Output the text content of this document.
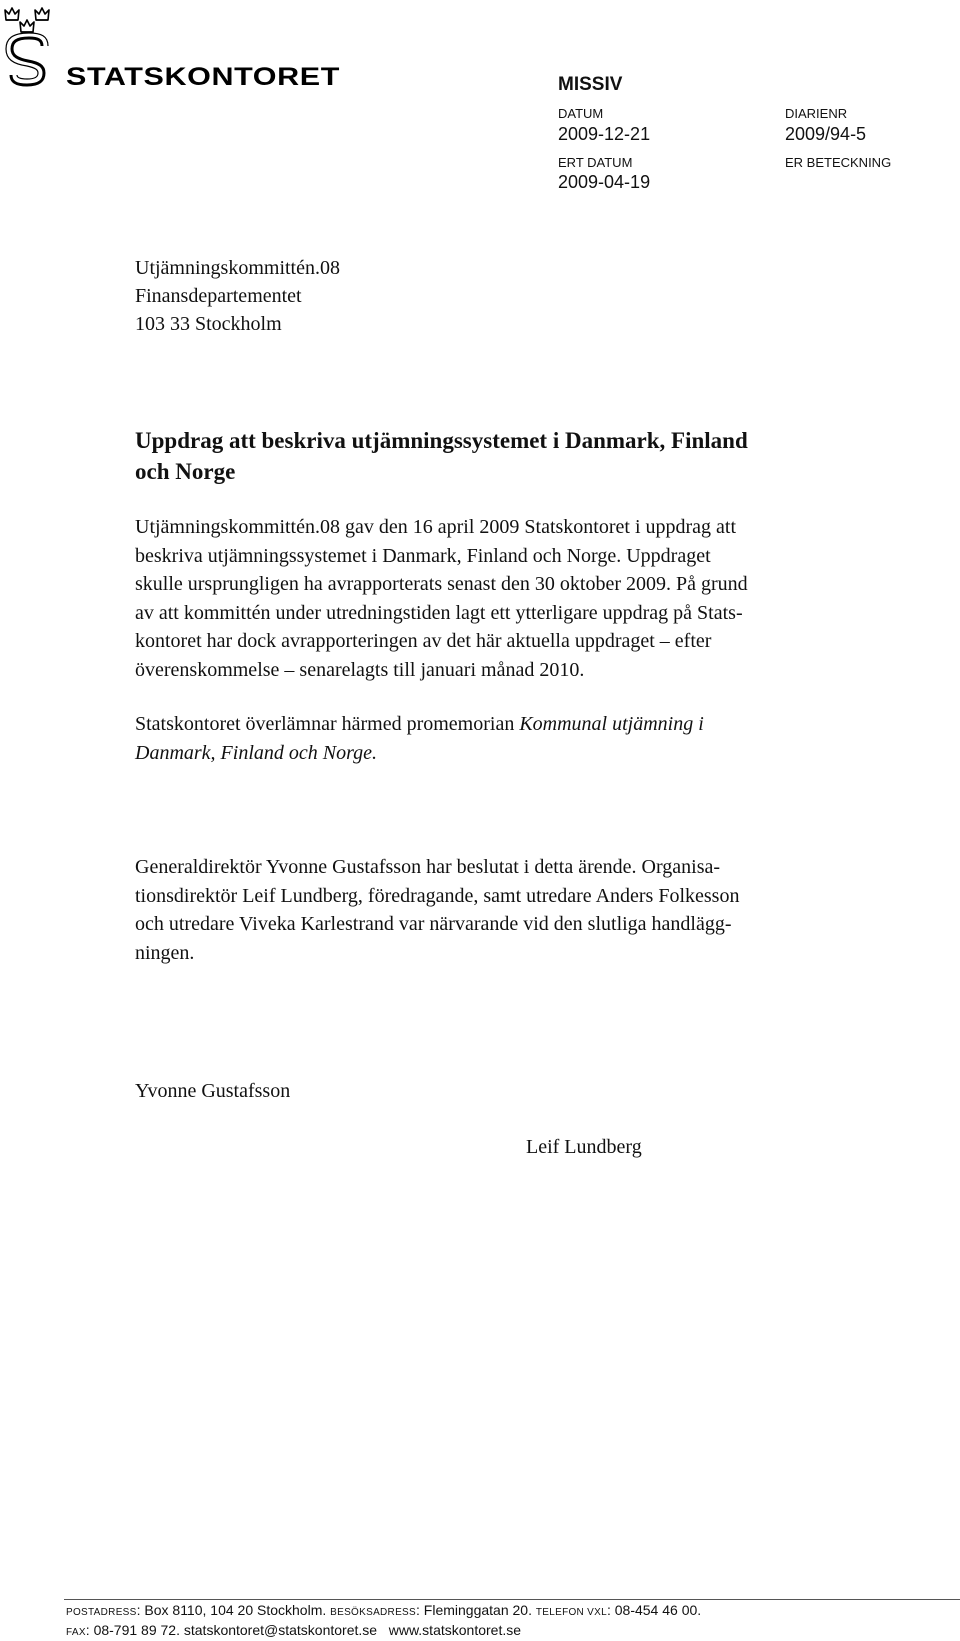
STATSKONTORET	MISSIV
DATUM
2009-12-21
DIARIENR
2009/94-5
ERT DATUM
2009-04-19
ER BETECKNING
Utjämningskommittén.08
Finansdepartementet
103 33 Stockholm
Uppdrag att beskriva utjämningssystemet i Danmark, Finland
och Norge
Utjämningskommittén.08 gav den 16 april 2009 Statskontoret i uppdrag att
beskriva utjämningssystemet i Danmark, Finland och Norge. Uppdraget
skulle ursprungligen ha avrapporterats senast den 30 oktober 2009. På grund
av att kommittén under utredningstiden lagt ett ytterligare uppdrag på Stats-
kontoret har dock avrapporteringen av det här aktuella uppdraget – efter
överenskommelse – senarelagts till januari månad 2010.
Statskontoret överlämnar härmed promemorian Kommunal utjämning i
Danmark, Finland och Norge.
Generaldirektör Yvonne Gustafsson har beslutat i detta ärende. Organisa-
tionsdirektör Leif Lundberg, föredragande, samt utredare Anders Folkesson
och utredare Viveka Karlestrand var närvarande vid den slutliga handlägg-
ningen.
Yvonne Gustafsson
Leif Lundberg
POSTADRESS: Box 8110, 104 20 Stockholm. BESÖKSADRESS: Fleminggatan 20. TELEFON VXL: 08-454 46 00.
FAX: 08-791 89 72. statskontoret@statskontoret.se   www.statskontoret.se
